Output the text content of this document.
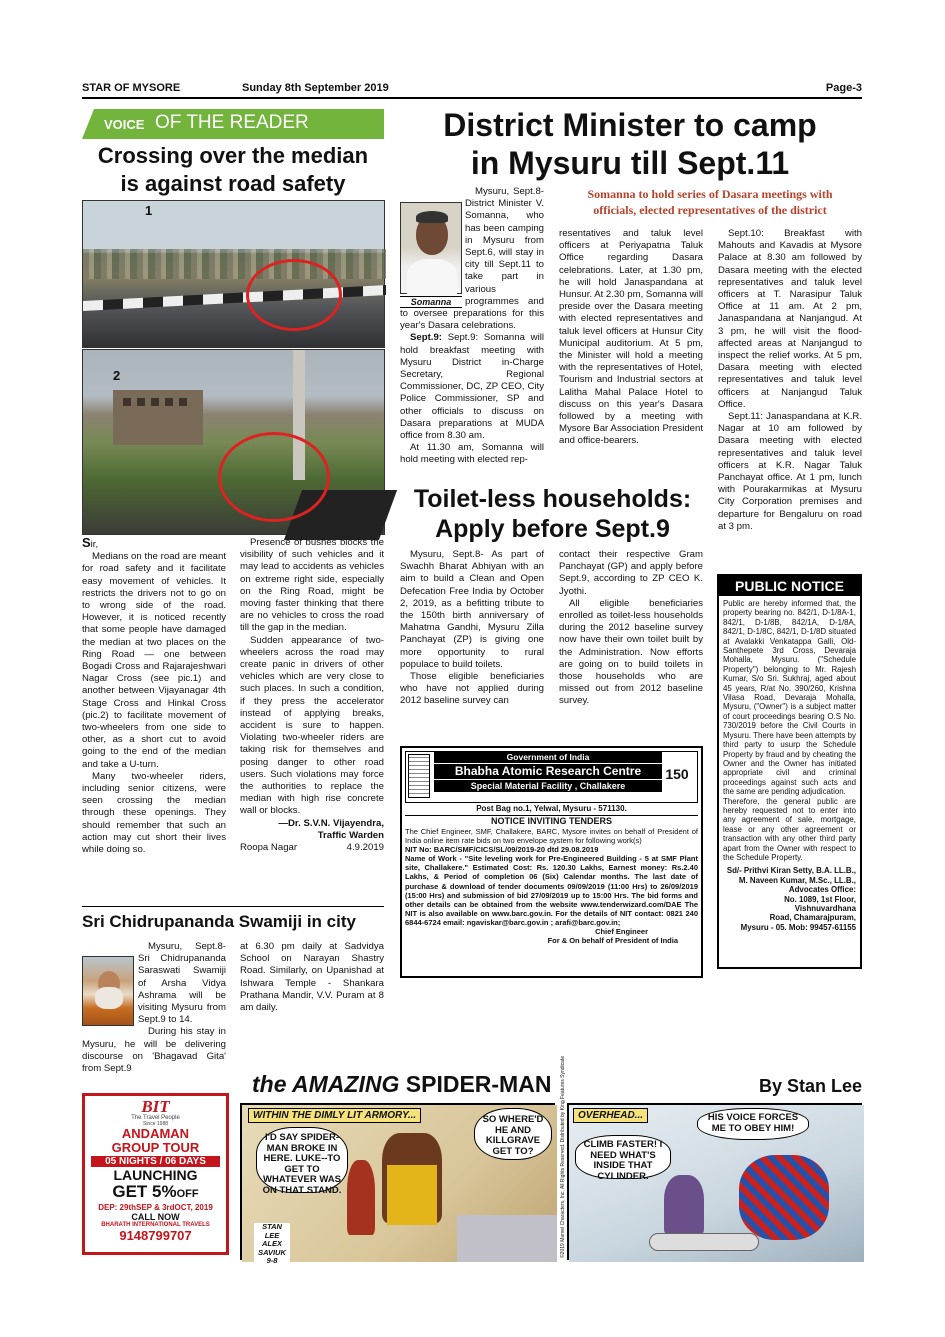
STAR OF MYSORE	Sunday 8th September 2019	Page-3
VOICE OF THE READER
Crossing over the median
is against road safety
1
2

Sir,

Medians on the road are meant for road safety and it facilitate easy movement of vehicles. It restricts the drivers not to go on to wrong side of the road. However, it is noticed recently that some people have damaged the median at two places on the Ring Road — one between Bogadi Cross and Rajarajeshwari Nagar Cross (see pic.1) and another between Vijayanagar 4th Stage Cross and Hinkal Cross (pic.2) to facilitate movement of two-wheelers from one side to other, as a short cut to avoid going to the end of the median and take a U-turn.

Many two-wheeler riders, including senior citizens, were seen crossing the median through these openings. They should remember that such an action may cut short their lives while doing so.

Presence of bushes blocks the visibility of such vehicles and it may lead to accidents as vehicles on extreme right side, especially on the Ring Road, might be moving faster thinking that there are no vehicles to cross the road till the gap in the median.

Sudden appearance of two-wheelers across the road may create panic in drivers of other vehicles which are very close to such places. In such a condition, if they press the accelerator instead of applying breaks, accident is sure to happen. Violating two-wheeler riders are taking risk for themselves and posing danger to other road users. Such violations may force the authorities to replace the median with high rise concrete wall or blocks.

—Dr. S.V.N. Vijayendra,
Traffic Warden
Roopa Nagar	4.9.2019
Sri Chidrupananda Swamiji in city

Mysuru, Sept.8- Sri Chidrupananda Saraswati Swamiji of Arsha Vidya Ashrama will be visiting Mysuru from Sept.9 to 14.

During his stay in Mysuru, he will be delivering discourse on 'Bhagavad Gita' from Sept.9

at 6.30 pm daily at Sadvidya School on Narayan Shastry Road. Similarly, on Upanishad at Ishwara Temple - Shankara Prathana Mandir, V.V. Puram at 8 am daily.

BIT
The Travel People
Since 1988
ANDAMAN
GROUP TOUR
05 NIGHTS / 06 DAYS
LAUNCHING
GET 5%OFF
DEP: 29thSEP & 3rdOCT, 2019
CALL NOW
BHARATH INTERNATIONAL TRAVELS
9148799707
District Minister to camp
in Mysuru till Sept.11
Somanna to hold series of Dasara meetings with
officials, elected representatives of the district
Somanna

Mysuru, Sept.8- District Minister V. Somanna, who has been camping in Mysuru from Sept.6, will stay in city till Sept.11 to take part in various programmes and to oversee preparations for this year's Dasara celebrations.

Sept.9: Sept.9: Somanna will hold breakfast meeting with Mysuru District in-Charge Secretary, Regional Commissioner, DC, ZP CEO, City Police Commissioner, SP and other officials to discuss on Dasara preparations at MUDA office from 8.30 am.

At 11.30 am, Somanna will hold meeting with elected rep-

resentatives and taluk level officers at Periyapatna Taluk Office regarding Dasara celebrations. Later, at 1.30 pm, he will hold Janaspandana at Hunsur. At 2.30 pm, Somanna will preside over the Dasara meeting with elected representatives and taluk level officers at Hunsur City Municipal auditorium. At 5 pm, the Minister will hold a meeting with the representatives of Hotel, Tourism and Industrial sectors at Lalitha Mahal Palace Hotel to discuss on this year's Dasara followed by a meeting with Mysore Bar Association President and office-bearers.

Sept.10: Breakfast with Mahouts and Kavadis at Mysore Palace at 8.30 am followed by Dasara meeting with the elected representatives and taluk level officers at T. Narasipur Taluk Office at 11 am. At 2 pm, Janaspandana at Nanjangud. At 3 pm, he will visit the flood-affected areas at Nanjangud to inspect the relief works. At 5 pm, Dasara meeting with elected representatives and taluk level officers at Nanjangud Taluk Office.

Sept.11: Janaspandana at K.R. Nagar at 10 am followed by Dasara meeting with elected representatives and taluk level officers at K.R. Nagar Taluk Panchayat office. At 1 pm, lunch with Pourakarmikas at Mysuru City Corporation premises and departure for Bengaluru on road at 3 pm.

Toilet-less households:
Apply before Sept.9

Mysuru, Sept.8- As part of Swachh Bharat Abhiyan with an aim to build a Clean and Open Defecation Free India by October 2, 2019, as a befitting tribute to the 150th birth anniversary of Mahatma Gandhi, Mysuru Zilla Panchayat (ZP) is giving one more opportunity to rural populace to build toilets.

Those eligible beneficiaries who have not applied during 2012 baseline survey can

contact their respective Gram Panchayat (GP) and apply before Sept.9, according to ZP CEO K. Jyothi.

All eligible beneficiaries enrolled as toilet-less households during the 2012 baseline survey now have their own toilet built by the Administration. Now efforts are going on to build toilets in those households who are missed out from 2012 baseline survey.

PUBLIC NOTICE

Public are hereby informed that, the property bearing no. 842/1, D-1/8A-1, 842/1, D-1/8B, 842/1A, D-1/8A, 842/1, D-1/8C, 842/1, D-1/8D situated at Avalakki Venkatappa Galli, Old-Santhepete 3rd Cross, Devaraja Mohalla, Mysuru. ("Schedule Property") belonging to Mr. Rajesh Kumar, S/o Sri. Sukhraj, aged about 45 years, R/at No. 390/260, Krishna Vilasa Road, Devaraja Mohalla, Mysuru, ("Owner") is a subject matter of court proceedings bearing O.S No. 730/2019 before the Civil Courts in Mysuru. There have been attempts by third party to usurp the Schedule Property by fraud and by cheating the Owner and the Owner has initiated appropriate civil and criminal proceedings against such acts and the same are pending adjudication.

Therefore, the general public are hereby requested not to enter into any agreement of sale, mortgage, lease or any other agreement or transaction with any other third party apart from the Owner with respect to the Schedule Property.

Sd/- Prithvi Kiran Setty, B.A. LL.B.,
M. Naveen Kumar, M.Sc., LL.B.,
Advocates Office:
No. 1089, 1st Floor, Vishnuvardhana
Road, Chamarajpuram,
Mysuru - 05. Mob: 99457-61155
Government of India
Bhabha Atomic Research Centre
Special Material Facility , Challakere
150
Post Bag no.1, Yelwal, Mysuru - 571130.
NOTICE INVITING TENDERS

The Chief Engineer, SMF, Challakere, BARC, Mysore invites on behalf of President of India online item rate bids on two envelope system for following work(s)

NIT No: BARC/SMF/CICS/SL/09/2019-20 dtd 29.08.2019

Name of Work - "Site leveling work for Pre-Engineered Building - 5 at SMF Plant site, Challakere." Estimated Cost: Rs. 120.30 Lakhs, Earnest money: Rs.2.40 Lakhs, & Period of completion 06 (Six) Calendar months. The last date of purchase & download of tender documents 09/09/2019 (11:00 Hrs) to 26/09/2019 (15:00 Hrs) and submission of bid 27/09/2019 up to 15:00 Hrs. The bid forms and other details can be obtained from the website www.tenderwizard.com/DAE The NIT is also available on www.barc.gov.in. For the details of NIT contact: 0821 240 6844-6724 email: ngaviskar@barc.gov.in ; arafi@barc.gov.in;

Chief Engineer
For & On behalf of President of India
the AMAZING SPIDER-MAN	By Stan Lee
WITHIN THE DIMLY LIT ARMORY...
I'D SAY SPIDER-MAN BROKE IN HERE. LUKE--TO GET TO WHATEVER WAS ON THAT STAND.
SO WHERE'D HE AND KILLGRAVE GET TO?
STAN LEE ALEX SAVIUK 9-8
©2019 Marvel Characters, Inc. All Rights Reserved. Distributed by King Features Syndicate	OVERHEAD...
CLIMB FASTER! I NEED WHAT'S INSIDE THAT CYLINDER.
HIS VOICE FORCES ME TO OBEY HIM!
